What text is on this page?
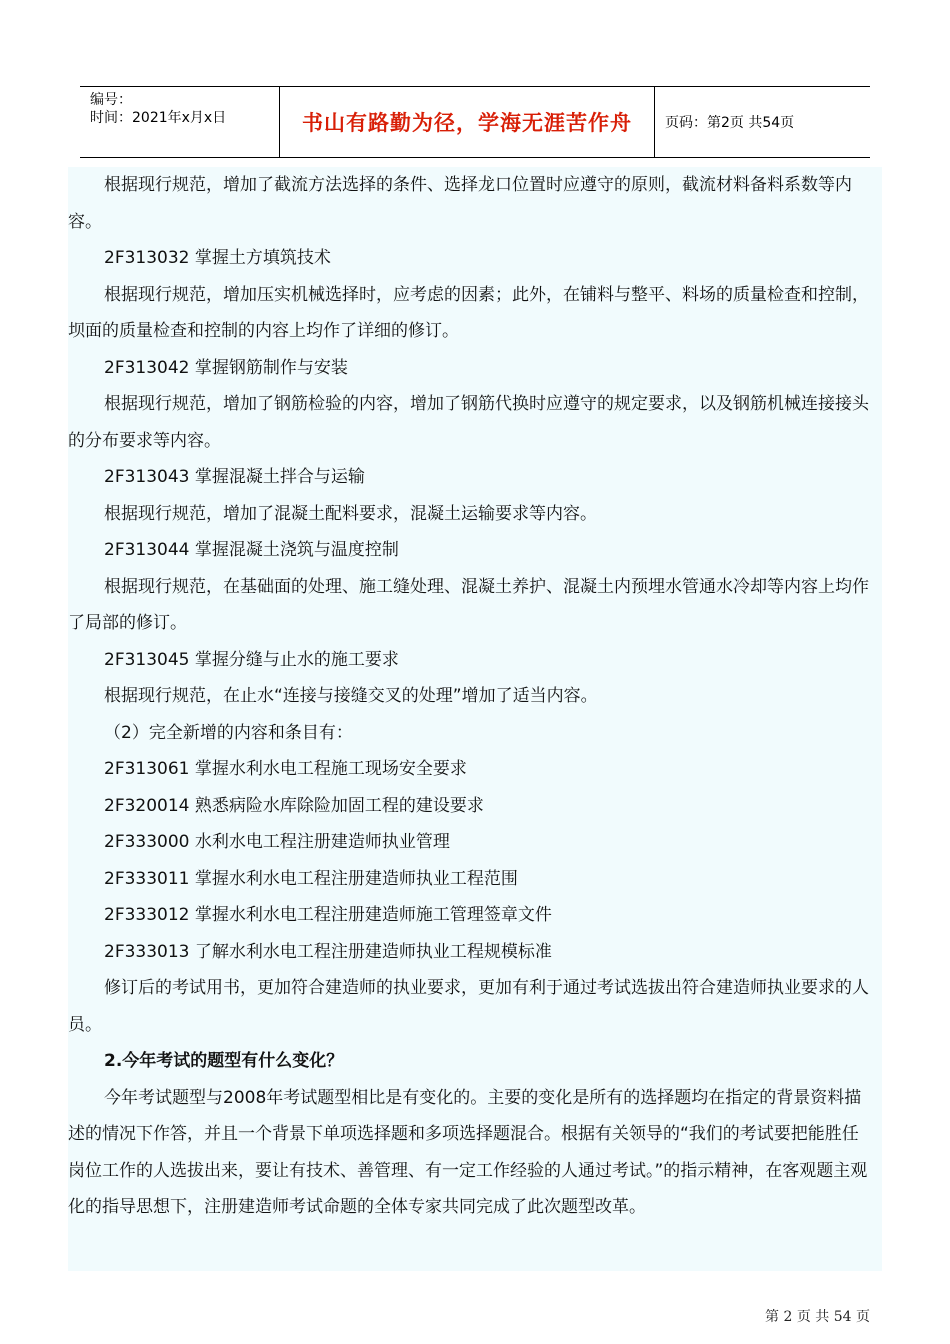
编号：
时间：2021年x月x日	书山有路勤为径，学海无涯苦作舟	页码：第2页 共54页

根据现行规范，增加了截流方法选择的条件、选择龙口位置时应遵守的原则，截流材料备料系数等内容。

2F313032 掌握土方填筑技术

根据现行规范，增加压实机械选择时，应考虑的因素；此外，在铺料与整平、料场的质量检查和控制，坝面的质量检查和控制的内容上均作了详细的修订。

2F313042 掌握钢筋制作与安装

根据现行规范，增加了钢筋检验的内容，增加了钢筋代换时应遵守的规定要求，以及钢筋机械连接接头的分布要求等内容。

2F313043 掌握混凝土拌合与运输

根据现行规范，增加了混凝土配料要求，混凝土运输要求等内容。

2F313044 掌握混凝土浇筑与温度控制

根据现行规范，在基础面的处理、施工缝处理、混凝土养护、混凝土内预埋水管通水冷却等内容上均作了局部的修订。

2F313045 掌握分缝与止水的施工要求

根据现行规范，在止水“连接与接缝交叉的处理”增加了适当内容。

（2）完全新增的内容和条目有：

2F313061 掌握水利水电工程施工现场安全要求

2F320014 熟悉病险水库除险加固工程的建设要求

2F333000 水利水电工程注册建造师执业管理

2F333011 掌握水利水电工程注册建造师执业工程范围

2F333012 掌握水利水电工程注册建造师施工管理签章文件

2F333013 了解水利水电工程注册建造师执业工程规模标准

修订后的考试用书，更加符合建造师的执业要求，更加有利于通过考试选拔出符合建造师执业要求的人员。

2.今年考试的题型有什么变化？

今年考试题型与2008年考试题型相比是有变化的。主要的变化是所有的选择题均在指定的背景资料描述的情况下作答，并且一个背景下单项选择题和多项选择题混合。根据有关领导的“我们的考试要把能胜任岗位工作的人选拔出来，要让有技术、善管理、有一定工作经验的人通过考试。”的指示精神，在客观题主观化的指导思想下，注册建造师考试命题的全体专家共同完成了此次题型改革。

第 2 页 共 54 页
